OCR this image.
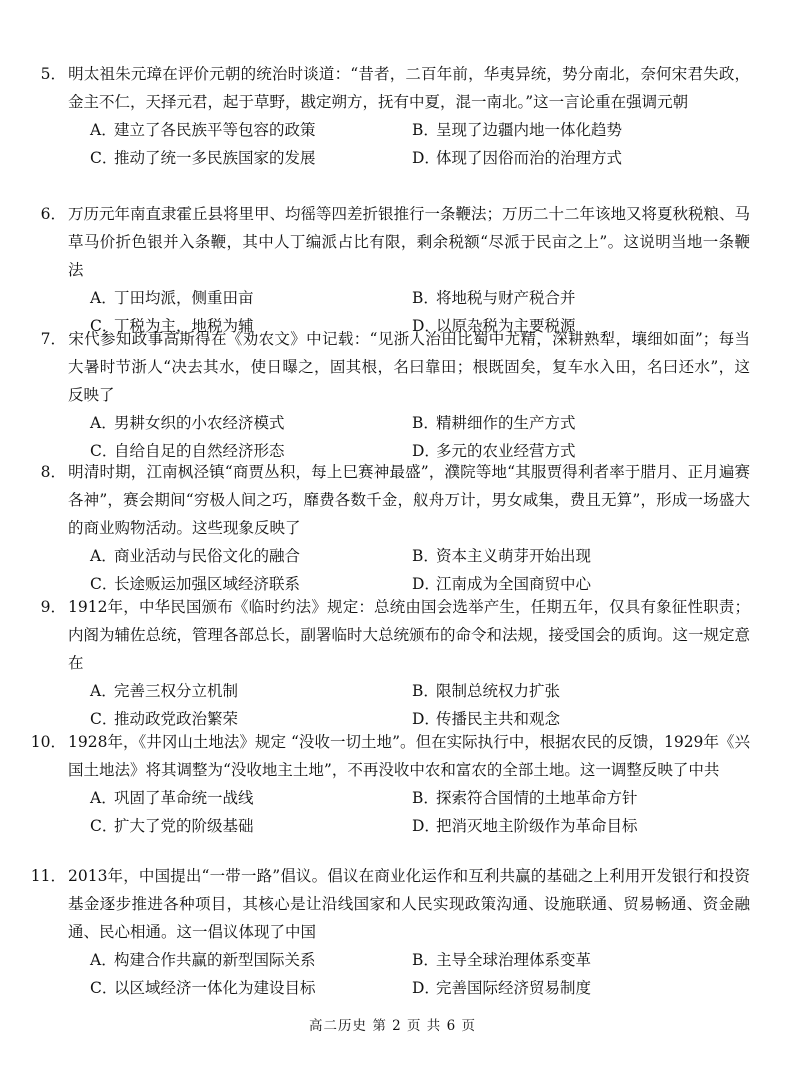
5． 明太祖朱元璋在评价元朝的统治时谈道：“昔者，二百年前，华夷异统，势分南北，奈何宋君失政，金主不仁，天择元君，起于草野，戡定朔方，抚有中夏，混一南北。”这一言论重在强调元朝
A．建立了各民族平等包容的政策	B．呈现了边疆内地一体化趋势
C．推动了统一多民族国家的发展	D．体现了因俗而治的治理方式
6． 万历元年南直隶霍丘县将里甲、均徭等四差折银推行一条鞭法；万历二十二年该地又将夏秋税粮、马草马价折色银并入条鞭，其中人丁编派占比有限，剩余税额“尽派于民亩之上”。这说明当地一条鞭法
A．丁田均派，侧重田亩	B．将地税与财产税合并
C．丁税为主，地税为辅	D．以原杂税为主要税源
7． 宋代参知政事高斯得在《劝农文》中记载：“见浙人治田比蜀中尤精，深耕熟犁，壤细如面”；每当大暑时节浙人“决去其水，使日曝之，固其根，名曰靠田；根既固矣，复车水入田，名曰还水”，这反映了
A．男耕女织的小农经济模式	B．精耕细作的生产方式
C．自给自足的自然经济形态	D．多元的农业经营方式
8． 明清时期，江南枫泾镇“商贾丛积，每上巳赛神最盛”，濮院等地“其服贾得利者率于腊月、正月遍赛各神”，赛会期间“穷极人间之巧，靡费各数千金，舣舟万计，男女咸集，费且无算”，形成一场盛大的商业购物活动。这些现象反映了
A．商业活动与民俗文化的融合	B．资本主义萌芽开始出现
C．长途贩运加强区域经济联系	D．江南成为全国商贸中心
9． 1912年，中华民国颁布《临时约法》规定：总统由国会选举产生，任期五年，仅具有象征性职责；内阁为辅佐总统，管理各部总长，副署临时大总统颁布的命令和法规，接受国会的质询。这一规定意在
A．完善三权分立机制	B．限制总统权力扩张
C．推动政党政治繁荣	D．传播民主共和观念
10． 1928年，《井冈山土地法》规定 “没收一切土地”。但在实际执行中，根据农民的反馈，1929年《兴国土地法》将其调整为“没收地主土地”，不再没收中农和富农的全部土地。这一调整反映了中共
A．巩固了革命统一战线	B．探索符合国情的土地革命方针
C．扩大了党的阶级基础	D．把消灭地主阶级作为革命目标
11． 2013年，中国提出“一带一路”倡议。倡议在商业化运作和互利共赢的基础之上利用开发银行和投资基金逐步推进各种项目，其核心是让沿线国家和人民实现政策沟通、设施联通、贸易畅通、资金融通、民心相通。这一倡议体现了中国
A．构建合作共赢的新型国际关系	B．主导全球治理体系变革
C．以区域经济一体化为建设目标	D．完善国际经济贸易制度
高二历史 第 2 页 共 6 页
